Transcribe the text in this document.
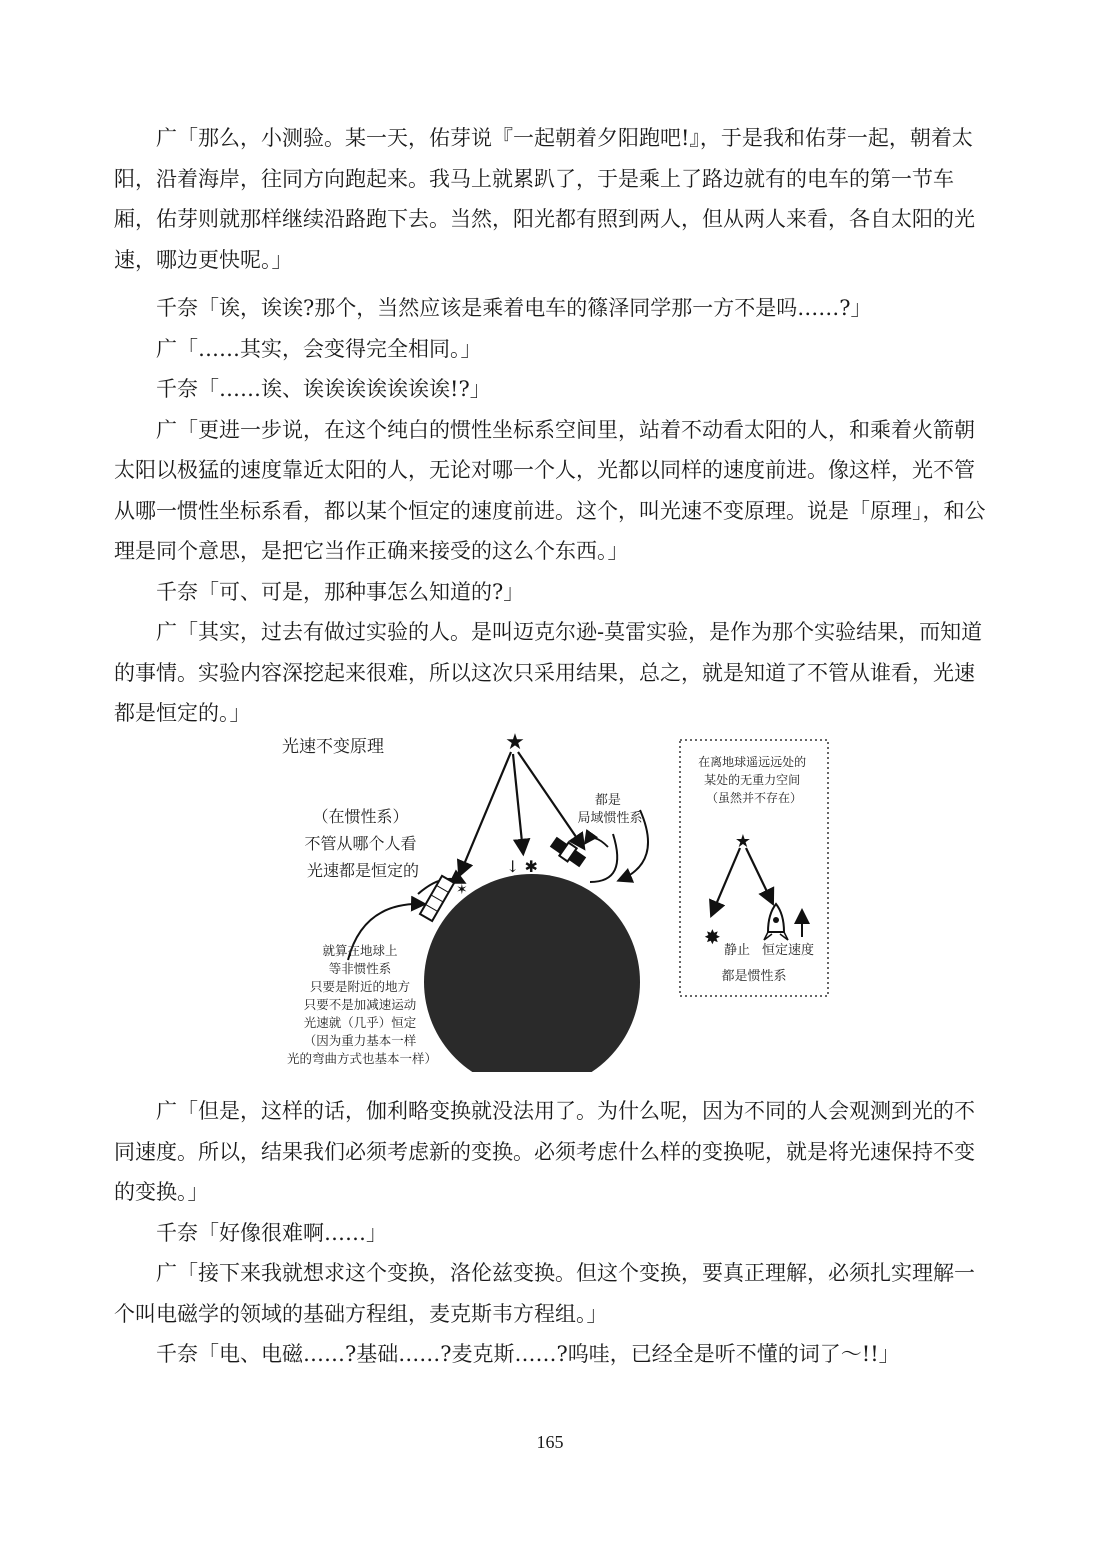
广「那么，小测验。某一天，佑芽说『一起朝着夕阳跑吧!』，于是我和佑芽一起，朝着太阳，沿着海岸，往同方向跑起来。我马上就累趴了，于是乘上了路边就有的电车的第一节车厢，佑芽则就那样继续沿路跑下去。当然，阳光都有照到两人，但从两人来看，各自太阳的光速，哪边更快呢。」

千奈「诶，诶诶?那个，当然应该是乘着电车的篠泽同学那一方不是吗……?」

广「……其实，会变得完全相同。」

千奈「……诶、诶诶诶诶诶诶诶!?」

广「更进一步说，在这个纯白的惯性坐标系空间里，站着不动看太阳的人，和乘着火箭朝太阳以极猛的速度靠近太阳的人，无论对哪一个人，光都以同样的速度前进。像这样，光不管从哪一惯性坐标系看，都以某个恒定的速度前进。这个，叫光速不变原理。说是「原理」，和公理是同个意思，是把它当作正确来接受的这么个东西。」

千奈「可、可是，那种事怎么知道的?」

广「其实，过去有做过实验的人。是叫迈克尔逊-莫雷实验，是作为那个实验结果，而知道的事情。实验内容深挖起来很难，所以这次只采用结果，总之，就是知道了不管从谁看，光速都是恒定的。」

光速不变原理
（在惯性系） 不管从哪个人看 光速都是恒定的
★
✶
↓ ✱
都是 局域惯性系
就算在地球上 等非惯性系 只要是附近的地方 只要不是加减速运动 光速就（几乎）恒定 （因为重力基本一样 光的弯曲方式也基本一样）
在离地球遥远远处的 某处的无重力空间 （虽然并不存在）
★
✸
静止 恒定速度
都是惯性系

广「但是，这样的话，伽利略变换就没法用了。为什么呢，因为不同的人会观测到光的不同速度。所以，结果我们必须考虑新的变换。必须考虑什么样的变换呢，就是将光速保持不变的变换。」

千奈「好像很难啊……」

广「接下来我就想求这个变换，洛伦兹变换。但这个变换，要真正理解，必须扎实理解一个叫电磁学的领域的基础方程组，麦克斯韦方程组。」

千奈「电、电磁……?基础……?麦克斯……?呜哇，已经全是听不懂的词了～!!」

165
